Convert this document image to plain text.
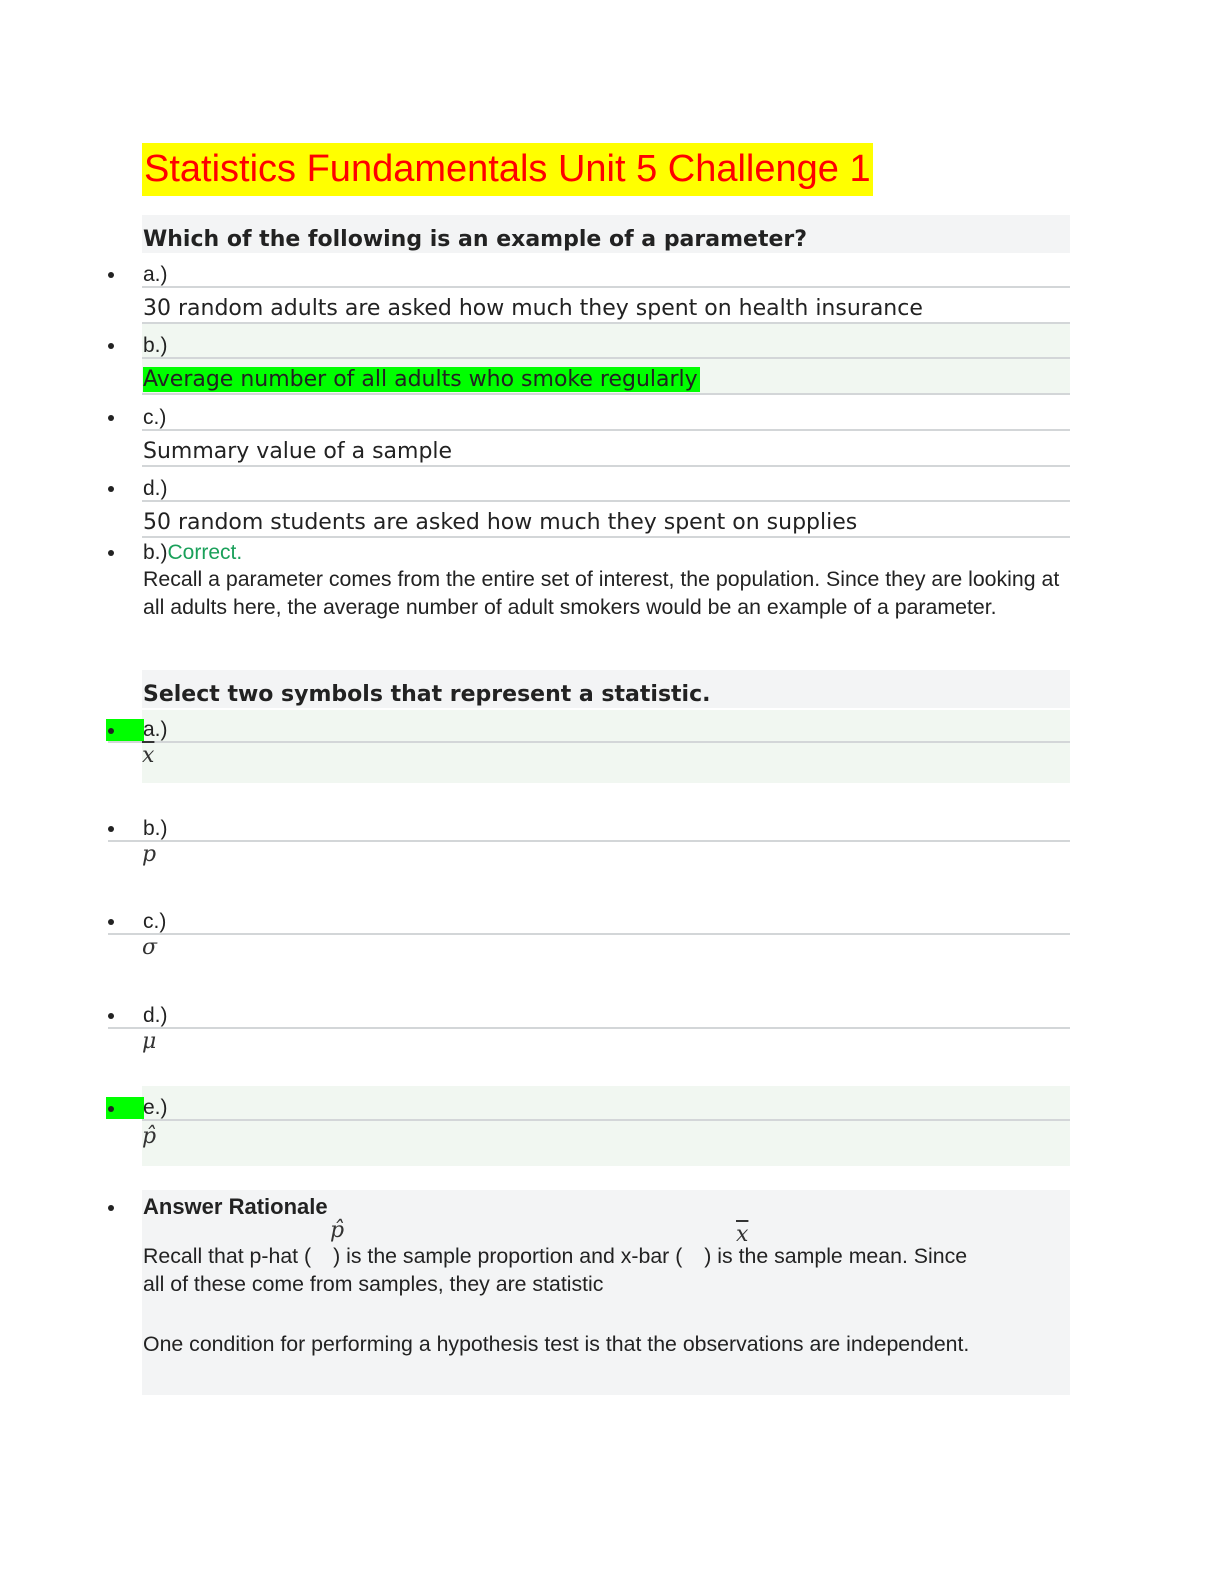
Statistics Fundamentals Unit 5 Challenge 1
Which of the following is an example of a parameter?
a.)
30 random adults are asked how much they spent on health insurance
b.)
Average number of all adults who smoke regularly
c.)
Summary value of a sample
d.)
50 random students are asked how much they spent on supplies
b.)Correct.
Recall a parameter comes from the entire set of interest, the population. Since they are looking at all adults here, the average number of adult smokers would be an example of a parameter.
Select two symbols that represent a statistic.
a.)
$\overline{x}$
b.)
p
c.)
σ
d.)
μ
e.)
p̂
Answer Rationale
p̂	$\overline{x}$
Recall that p-hat ( ) is the sample proportion and x-bar ( ) is the sample mean. Since
all of these come from samples, they are statistic
One condition for performing a hypothesis test is that the observations are independent.
